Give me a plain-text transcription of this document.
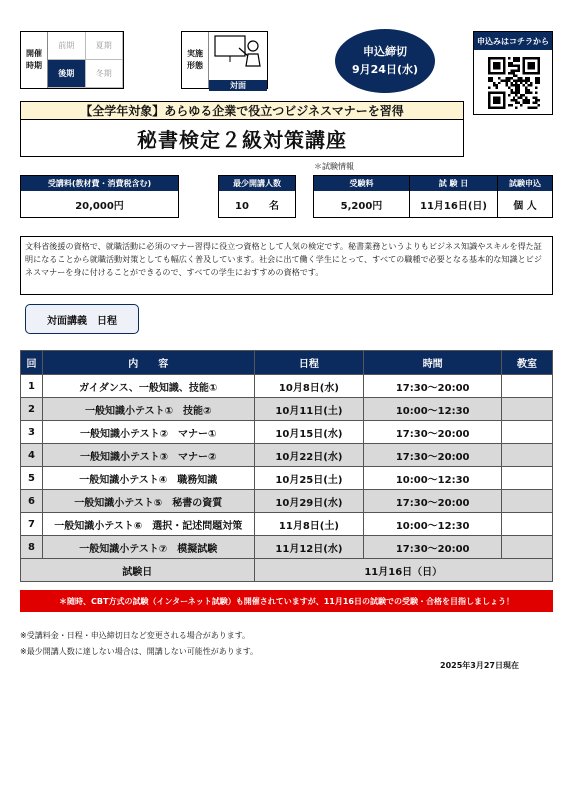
開催
時期
前期	夏期
後期	冬期
実施
形態
対面
申込締切
9月24日(水)
申込みはコチラから
【全学年対象】あらゆる企業で役立つビジネスマナーを習得
秘書検定２級対策講座
＊試験情報
受講料(教材費・消費税含む)
20,000円
最少開講人数
10　　名
受験料
5,200円
試 験 日
11月16日(日)
試験申込
個 人
文科省後援の資格で、就職活動に必須のマナー習得に役立つ資格として人気の検定です。秘書業務というよりもビジネス知識やスキルを得た証明になることから就職活動対策としても幅広く普及しています。社会に出て働く学生にとって、すべての職種で必要となる基本的な知識とビジネスマナーを身に付けることができるので、すべての学生におすすめの資格です。
対面講義　日程
回	内　　容	日程	時間	教室
1	ガイダンス、一般知識、技能①	10月8日(水)	17:30～20:00	
2	一般知識小テスト①　技能②	10月11日(土)	10:00～12:30	
3	一般知識小テスト②　マナー①	10月15日(水)	17:30～20:00	
4	一般知識小テスト③　マナー②	10月22日(水)	17:30～20:00	
5	一般知識小テスト④　職務知識	10月25日(土)	10:00～12:30	
6	一般知識小テスト⑤　秘書の資質	10月29日(水)	17:30～20:00	
7	一般知識小テスト⑥　選択・記述問題対策	11月8日(土)	10:00～12:30	
8	一般知識小テスト⑦　模擬試験	11月12日(水)	17:30～20:00	
試験日		11月16日（日）		
＊随時、CBT方式の試験（インターネット試験）も開催されていますが、11月16日の試験での受験・合格を目指しましょう！
※受講料金・日程・申込締切日など変更される場合があります。
※最少開講人数に達しない場合は、開講しない可能性があります。
2025年3月27日現在
